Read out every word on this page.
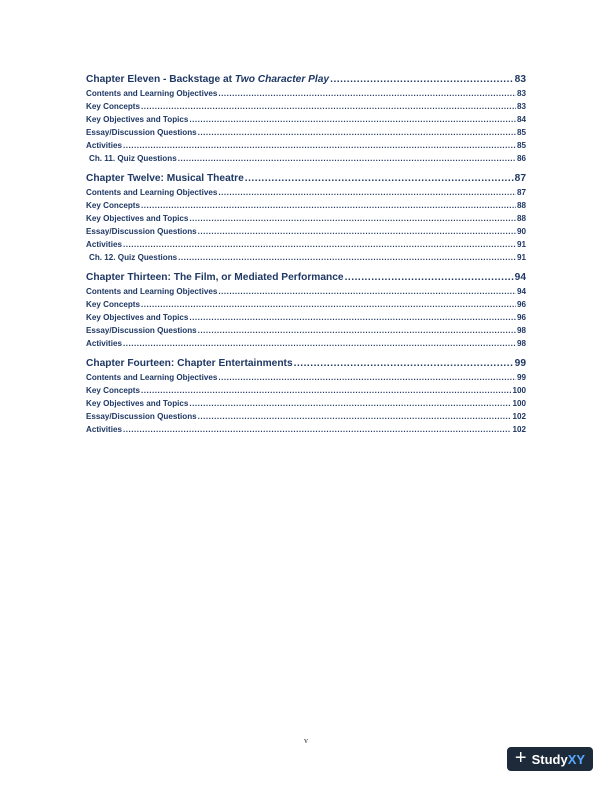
Chapter Eleven - Backstage at Two Character Play .....	83
Contents and Learning Objectives .....	83
Key Concepts .....	83
Key Objectives and Topics .....	84
Essay/Discussion Questions .....	85
Activities .....	85
Ch. 11. Quiz Questions .....	86
Chapter Twelve: Musical Theatre .....	87
Contents and Learning Objectives .....	87
Key Concepts .....	88
Key Objectives and Topics .....	88
Essay/Discussion Questions .....	90
Activities .....	91
Ch. 12. Quiz Questions .....	91
Chapter Thirteen: The Film, or Mediated Performance .....	94
Contents and Learning Objectives .....	94
Key Concepts .....	96
Key Objectives and Topics .....	96
Essay/Discussion Questions .....	98
Activities .....	98
Chapter Fourteen: Chapter Entertainments .....	99
Contents and Learning Objectives .....	99
Key Concepts .....	100
Key Objectives and Topics .....	100
Essay/Discussion Questions .....	102
Activities .....	102
v
+ StudyXY
